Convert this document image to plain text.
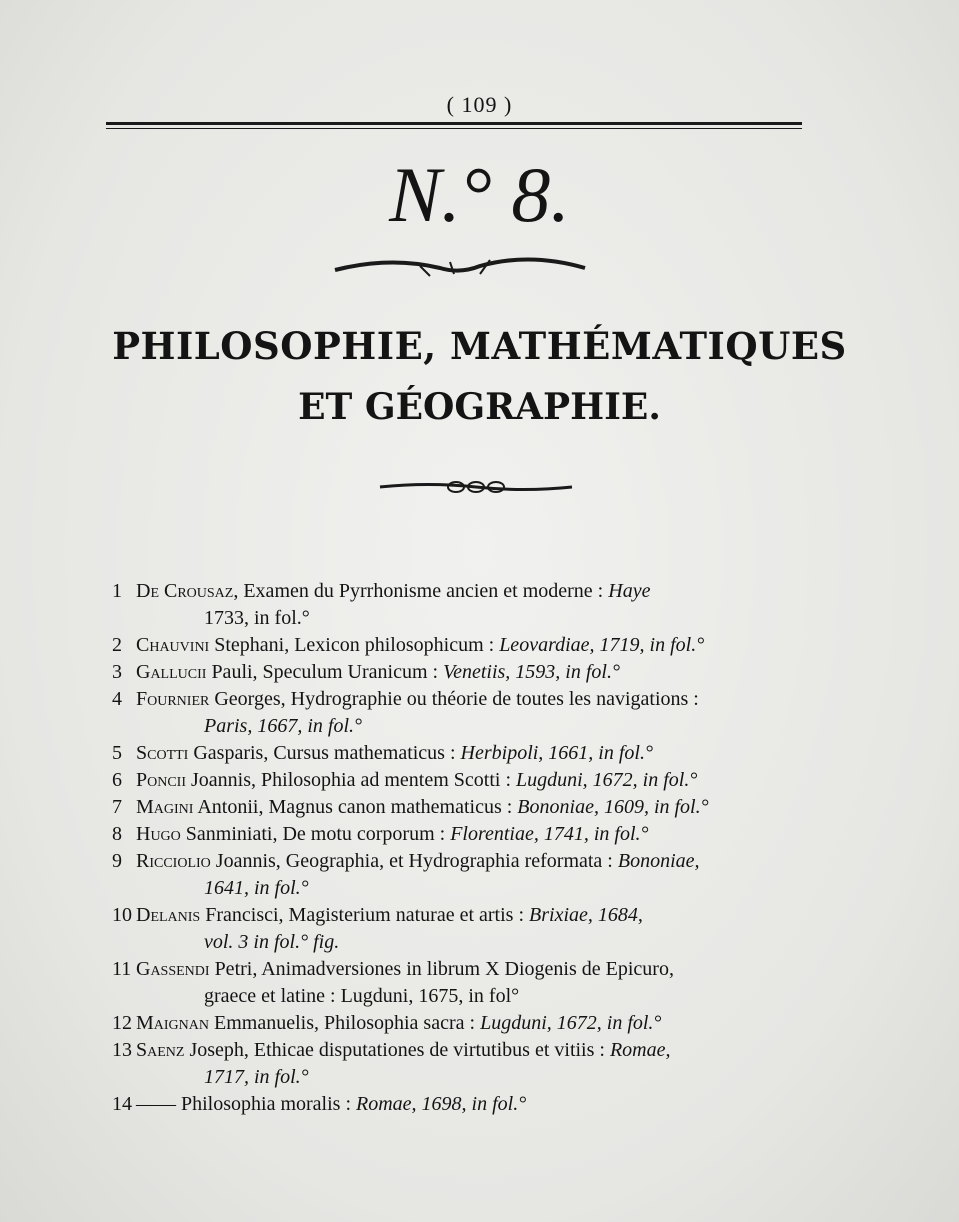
( 109 )
N.° 8.
PHILOSOPHIE, MATHÉMATIQUES
ET GÉOGRAPHIE.
1 De Crousaz, Examen du Pyrrhonisme ancien et moderne : Haye
1733, in fol.°
2 Chauvini Stephani, Lexicon philosophicum : Leovardiae, 1719, in fol.°
3 Gallucii Pauli, Speculum Uranicum : Venetiis, 1593, in fol.°
4 Fournier Georges, Hydrographie ou théorie de toutes les navigations :
Paris, 1667, in fol.°
5 Scotti Gasparis, Cursus mathematicus : Herbipoli, 1661, in fol.°
6 Poncii Joannis, Philosophia ad mentem Scotti : Lugduni, 1672, in fol.°
7 Magini Antonii, Magnus canon mathematicus : Bononiae, 1609, in fol.°
8 Hugo Sanminiati, De motu corporum : Florentiae, 1741, in fol.°
9 Ricciolio Joannis, Geographia, et Hydrographia reformata : Bononiae,
1641, in fol.°
10 Delanis Francisci, Magisterium naturae et artis : Brixiae, 1684,
vol. 3 in fol.° fig.
11 Gassendi Petri, Animadversiones in librum X Diogenis de Epicuro,
graece et latine : Lugduni, 1675, in fol°
12 Maignan Emmanuelis, Philosophia sacra : Lugduni, 1672, in fol.°
13 Saenz Joseph, Ethicae disputationes de virtutibus et vitiis : Romae,
1717, in fol.°
14 —— Philosophia moralis : Romae, 1698, in fol.°
